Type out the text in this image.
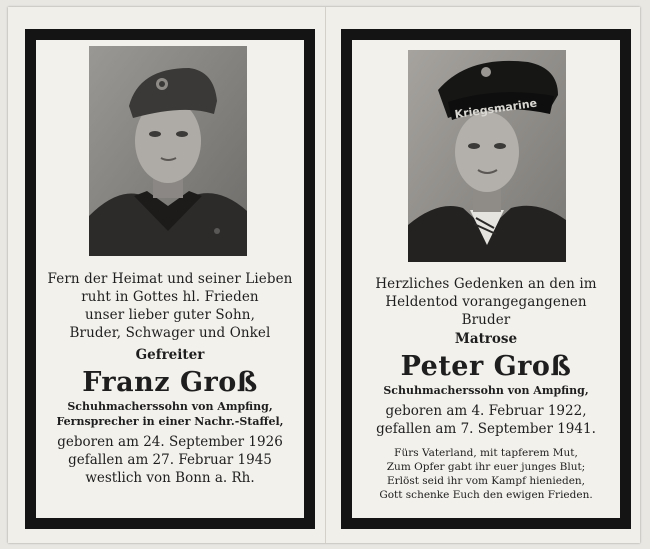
Fern der Heimat und seiner Lieben
ruht in Gottes hl. Frieden
unser lieber guter Sohn,
Bruder, Schwager und Onkel
Gefreiter
Franz Groß
Schuhmacherssohn von Ampfing,
Fernsprecher in einer Nachr.-Staffel,
geboren am 24. September 1926
gefallen am 27. Februar 1945
westlich von Bonn a. Rh.
Kriegsmarine
Herzliches Gedenken an den im
Heldentod vorangegangenen
Bruder
Matrose
Peter Groß
Schuhmacherssohn von Ampfing,
geboren am 4. Februar 1922,
gefallen am 7. September 1941.
Fürs Vaterland, mit tapferem Mut,
Zum Opfer gabt ihr euer junges Blut;
Erlöst seid ihr vom Kampf hienieden,
Gott schenke Euch den ewigen Frieden.
